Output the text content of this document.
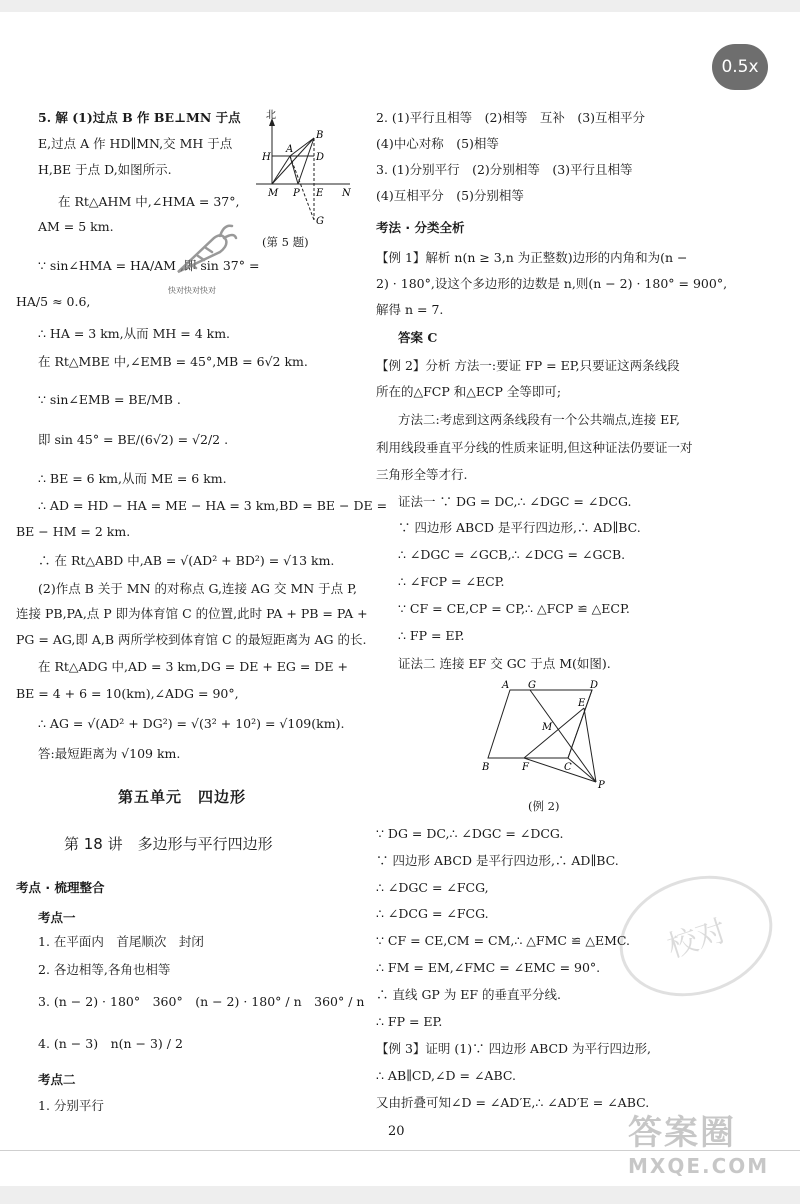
0.5x
5. 解 (1)过点 B 作 BE⊥MN 于点
E,过点 A 作 HD∥MN,交 MH 于点
H,BE 于点 D,如图所示.
在 Rt△AHM 中,∠HMA = 37°,
AM = 5 km.
∵ sin∠HMA = HA/AM ,即 sin 37° =
HA/5 ≈ 0.6,
∴ HA = 3 km,从而 MH = 4 km.
在 Rt△MBE 中,∠EMB = 45°,MB = 6√2 km.
∵ sin∠EMB = BE/MB .
即 sin 45° = BE/(6√2) = √2/2 .
∴ BE = 6 km,从而 ME = 6 km.
∴ AD = HD − HA = ME − HA = 3 km,BD = BE − DE =
BE − HM = 2 km.
∴ 在 Rt△ABD 中,AB = √(AD² + BD²) = √13 km.
(2)作点 B 关于 MN 的对称点 G,连接 AG 交 MN 于点 P,
连接 PB,PA,点 P 即为体育馆 C 的位置,此时 PA + PB = PA +
PG = AG,即 A,B 两所学校到体育馆 C 的最短距离为 AG 的长.
在 Rt△ADG 中,AD = 3 km,DG = DE + EG = DE +
BE = 4 + 6 = 10(km),∠ADG = 90°,
∴ AG = √(AD² + DG²) = √(3² + 10²) = √109(km).
答:最短距离为 √109 km.
北
B
H
A
D
M P E N
G
(第 5 题)
快对快对快对
第五单元　四边形
第 18 讲　多边形与平行四边形
考点 · 梳理整合
考点一
1. 在平面内　首尾顺次　封闭
2. 各边相等,各角也相等
3. (n − 2) · 180°　360°　(n − 2) · 180° / n　360° / n
4. (n − 3)　n(n − 3) / 2
考点二
1. 分别平行
2. (1)平行且相等　(2)相等　互补　(3)互相平分
(4)中心对称　(5)相等
3. (1)分别平行　(2)分别相等　(3)平行且相等
(4)互相平分　(5)分别相等
考法 · 分类全析
【例 1】解析 n(n ≥ 3,n 为正整数)边形的内角和为(n −
2) · 180°,设这个多边形的边数是 n,则(n − 2) · 180° = 900°,
解得 n = 7.
答案 C
【例 2】分析 方法一:要证 FP = EP,只要证这两条线段
所在的△FCP 和△ECP 全等即可;
方法二:考虑到这两条线段有一个公共端点,连接 EF,
利用线段垂直平分线的性质来证明,但这种证法仍要证一对
三角形全等才行.
证法一 ∵ DG = DC,∴ ∠DGC = ∠DCG.
∵ 四边形 ABCD 是平行四边形,∴ AD∥BC.
∴ ∠DGC = ∠GCB,∴ ∠DCG = ∠GCB.
∴ ∠FCP = ∠ECP.
∵ CF = CE,CP = CP,∴ △FCP ≌ △ECP.
∴ FP = EP.
证法二 连接 EF 交 GC 于点 M(如图).
A G	D
E
M
B	F	C
P
(例 2)
∵ DG = DC,∴ ∠DGC = ∠DCG.
∵ 四边形 ABCD 是平行四边形,∴ AD∥BC.
∴ ∠DGC = ∠FCG,
∴ ∠DCG = ∠FCG.
∵ CF = CE,CM = CM,∴ △FMC ≌ △EMC.
∴ FM = EM,∠FMC = ∠EMC = 90°.
∴ 直线 GP 为 EF 的垂直平分线.
∴ FP = EP.
【例 3】证明 (1)∵ 四边形 ABCD 为平行四边形,
∴ AB∥CD,∠D = ∠ABC.
又由折叠可知∠D = ∠AD′E,∴ ∠AD′E = ∠ABC.
校对
20	答案圈
MXQE.COM
